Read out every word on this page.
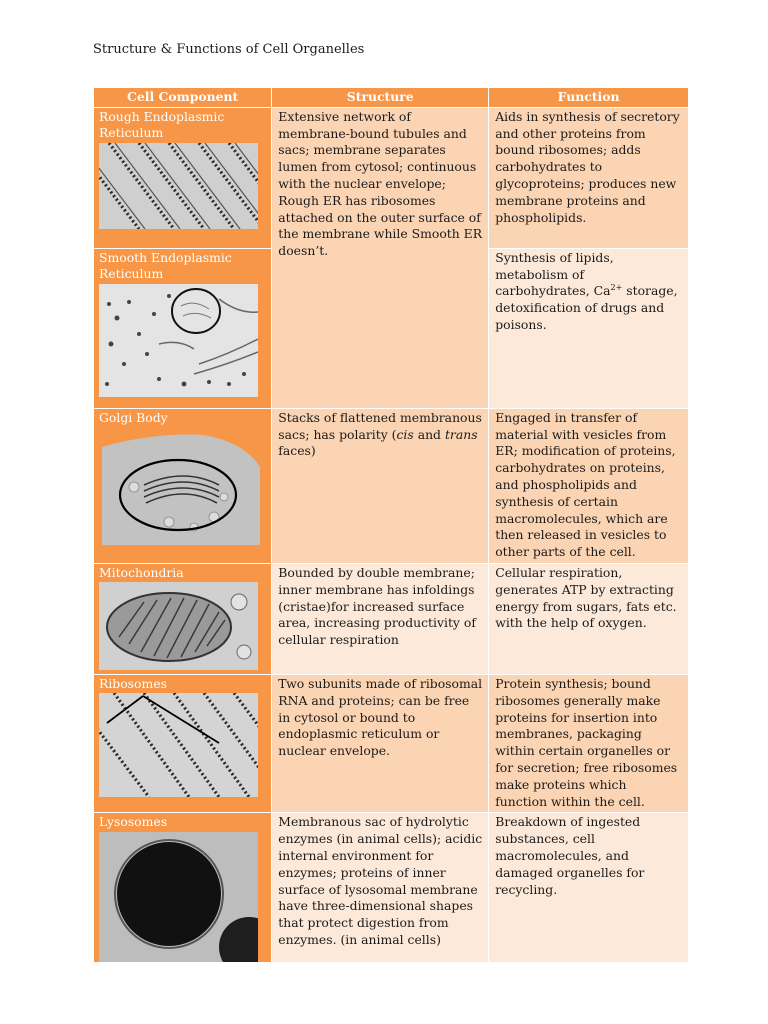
Structure & Functions of Cell Organelles
Cell Component	Structure	Function

Rough Endoplasmic Reticulum	Extensive network of membrane-bound tubules and sacs; membrane separates lumen from cytosol; continuous with the nuclear envelope; Rough ER has ribosomes attached on the outer surface of the membrane while Smooth ER doesn’t.	Aids in synthesis of secretory and other proteins from bound ribosomes; adds carbohydrates to glycoproteins; produces new membrane proteins and phospholipids.

Smooth Endoplasmic Reticulum		Synthesis of lipids, metabolism of carbohydrates, $Ca^{2+}$ storage, detoxification of drugs and poisons.

Golgi Body	Stacks of flattened membranous sacs; has polarity (cis and trans faces)	Engaged in transfer of material with vesicles from ER; modification of proteins, carbohydrates on proteins, and phospholipids and synthesis of certain macromolecules, which are then released in vesicles to other parts of the cell.

Mitochondria	Bounded by double membrane; inner membrane has infoldings (cristae)for increased surface area, increasing productivity of cellular respiration	Cellular respiration, generates ATP by extracting energy from sugars, fats etc. with the help of oxygen.

Ribosomes	Two subunits made of ribosomal RNA and proteins; can be free in cytosol or bound to endoplasmic reticulum or nuclear envelope.	Protein synthesis; bound ribosomes generally make proteins for insertion into membranes, packaging within certain organelles or for secretion; free ribosomes make proteins which function within the cell.

Lysosomes	Membranous sac of hydrolytic enzymes (in animal cells); acidic internal environment for enzymes; proteins of inner surface of lysosomal membrane have three-dimensional shapes that protect digestion from enzymes. (in animal cells)	Breakdown of ingested substances, cell macromolecules, and damaged organelles for recycling.
